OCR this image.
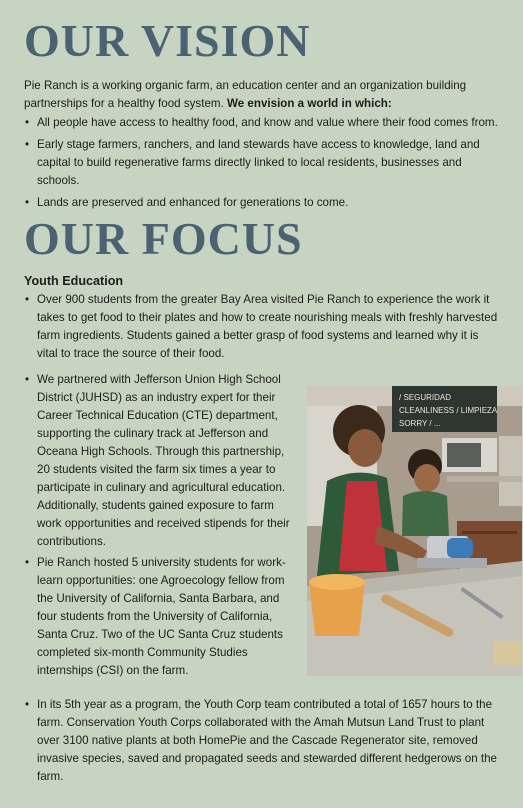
OUR VISION

Pie Ranch is a working organic farm, an education center and an organization building partnerships for a healthy food system. We envision a world in which:

• All people have access to healthy food, and know and value where their food comes from.
• Early stage farmers, ranchers, and land stewards have access to knowledge, land and capital to build regenerative farms directly linked to local residents, businesses and schools.
• Lands are preserved and enhanced for generations to come.
OUR FOCUS
Youth Education
• Over 900 students from the greater Bay Area visited Pie Ranch to experience the work it takes to get food to their plates and how to create nourishing meals with freshly harvested farm ingredients. Students gained a better grasp of food systems and learned why it is vital to trace the source of their food.
• We partnered with Jefferson Union High School District (JUHSD) as an industry expert for their Career Technical Education (CTE) department, supporting the culinary track at Jefferson and Oceana High Schools. Through this partnership, 20 students visited the farm six times a year to participate in culinary and agricultural education. Additionally, students gained exposure to farm work opportunities and received stipends for their contributions.
• Pie Ranch hosted 5 university students for work-learn opportunities: one Agroecology fellow from the University of California, Santa Barbara, and four students from the University of California, Santa Cruz. Two of the UC Santa Cruz students completed six-month Community Studies internships (CSI) on the farm.
/ SEGURIDAD
CLEANLINESS / LIMPIEZA
SORRY / ...
• In its 5th year as a program, the Youth Corp team contributed a total of 1657 hours to the farm. Conservation Youth Corps collaborated with the Amah Mutsun Land Trust to plant over 3100 native plants at both HomePie and the Cascade Regenerator site, removed invasive species, saved and propagated seeds and stewarded different hedgerows on the farm.
